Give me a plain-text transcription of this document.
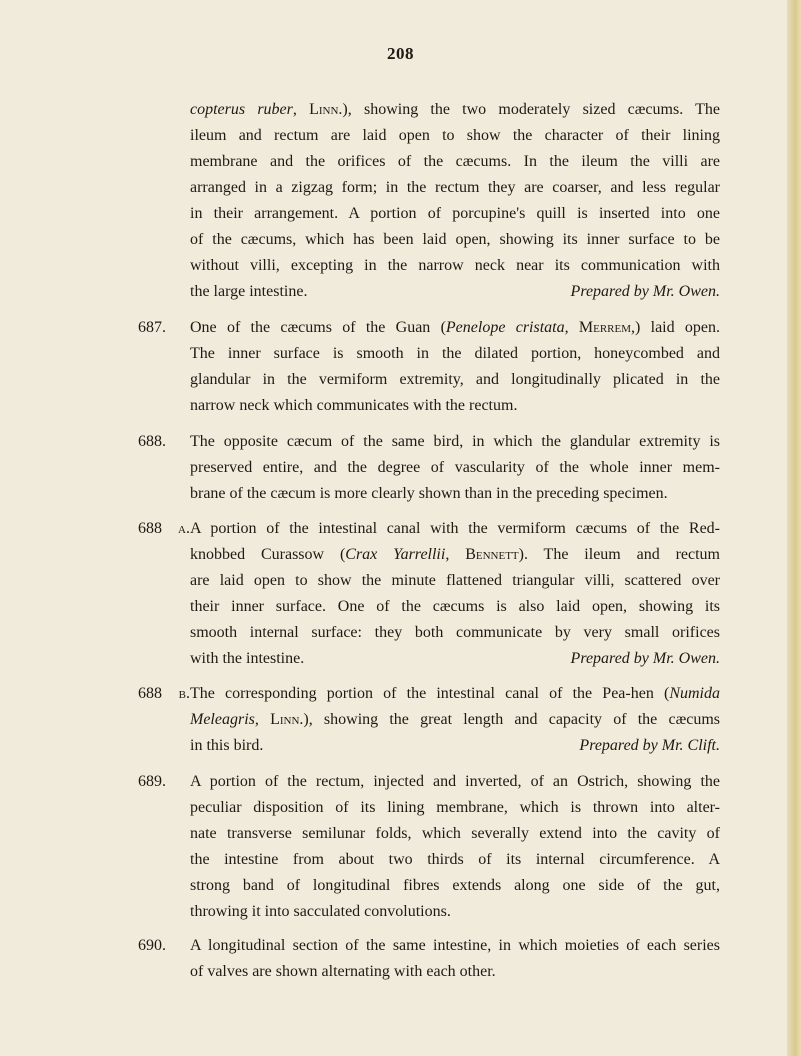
208
copterus ruber, Linn.), showing the two moderately sized cæcums. The
ileum and rectum are laid open to show the character of their lining
membrane and the orifices of the cæcums. In the ileum the villi are
arranged in a zigzag form; in the rectum they are coarser, and less regular
in their arrangement. A portion of porcupine's quill is inserted into one
of the cæcums, which has been laid open, showing its inner surface to be
without villi, excepting in the narrow neck near its communication with
the large intestine.	Prepared by Mr. Owen.
687. One of the cæcums of the Guan (Penelope cristata, Merrem,) laid open.
The inner surface is smooth in the dilated portion, honeycombed and
glandular in the vermiform extremity, and longitudinally plicated in the
narrow neck which communicates with the rectum.
688. The opposite cæcum of the same bird, in which the glandular extremity is
preserved entire, and the degree of vascularity of the whole inner mem-
brane of the cæcum is more clearly shown than in the preceding specimen.
688 a.A portion of the intestinal canal with the vermiform cæcums of the Red-
knobbed Curassow (Crax Yarrellii, Bennett). The ileum and rectum
are laid open to show the minute flattened triangular villi, scattered over
their inner surface. One of the cæcums is also laid open, showing its
smooth internal surface: they both communicate by very small orifices
with the intestine.	Prepared by Mr. Owen.
688 b.The corresponding portion of the intestinal canal of the Pea-hen (Numida
Meleagris, Linn.), showing the great length and capacity of the cæcums
in this bird.	Prepared by Mr. Clift.
689. A portion of the rectum, injected and inverted, of an Ostrich, showing the
peculiar disposition of its lining membrane, which is thrown into alter-
nate transverse semilunar folds, which severally extend into the cavity of
the intestine from about two thirds of its internal circumference. A
strong band of longitudinal fibres extends along one side of the gut,
throwing it into sacculated convolutions.
690. A longitudinal section of the same intestine, in which moieties of each series
of valves are shown alternating with each other.
